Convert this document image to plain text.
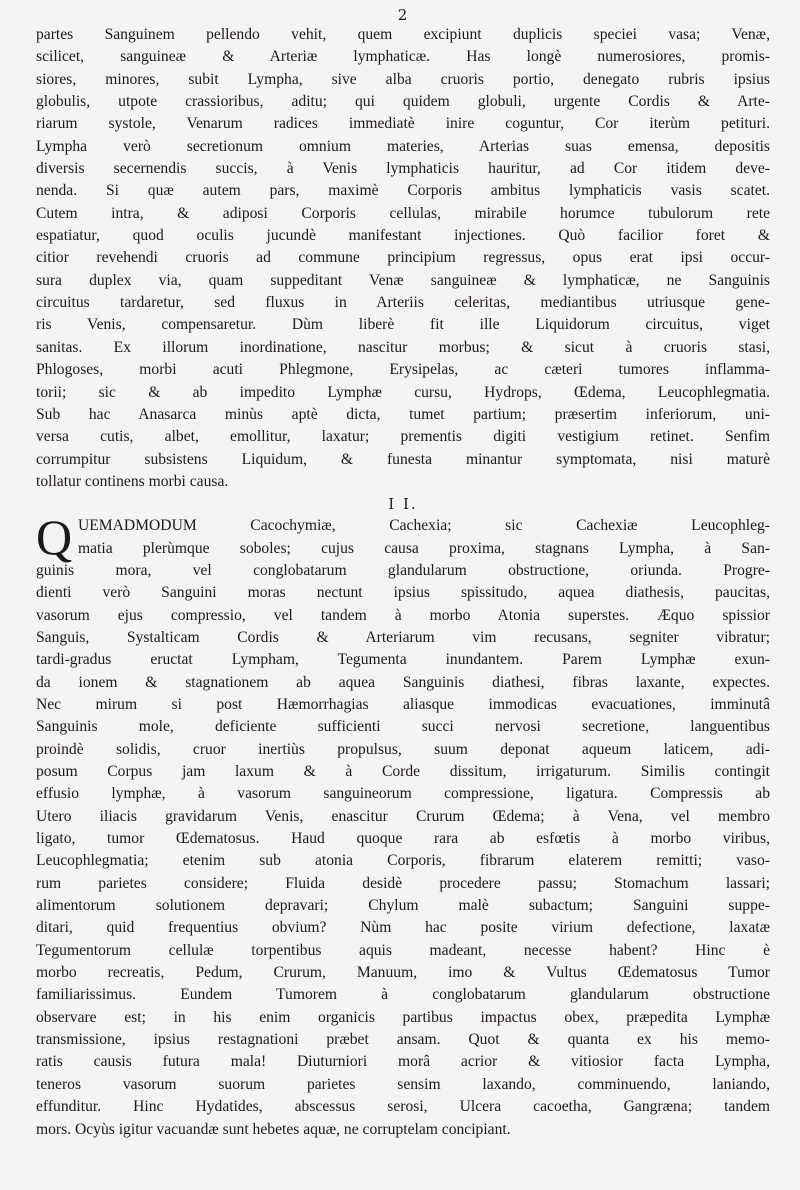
2
partes Sanguinem pellendo vehit, quem excipiunt duplicis speciei vasa; Venæ,
scilicet, sanguineæ & Arteriæ lymphaticæ. Has longè numerosiores, promis-
siores, minores, subit Lympha, sive alba cruoris portio, denegato rubris ipsius
globulis, utpote crassioribus, aditu; qui quidem globuli, urgente Cordis & Arte-
riarum systole, Venarum radices immediatè inire coguntur, Cor iterùm petituri.
Lympha verò secretionum omnium materies, Arterias suas emensa, depositis
diversis secernendis succis, à Venis lymphaticis hauritur, ad Cor itidem deve-
nenda. Si quæ autem pars, maximè Corporis ambitus lymphaticis vasis scatet.
Cutem intra, & adiposi Corporis cellulas, mirabile horumce tubulorum rete
espatiatur, quod oculis jucundè manifestant injectiones. Quò facilior foret &
citior revehendi cruoris ad commune principium regressus, opus erat ipsi occur-
sura duplex via, quam suppeditant Venæ sanguineæ & lymphaticæ, ne Sanguinis
circuitus tardaretur, sed fluxus in Arteriis celeritas, mediantibus utriusque gene-
ris Venis, compensaretur. Dùm liberè fit ille Liquidorum circuitus, viget
sanitas. Ex illorum inordinatione, nascitur morbus; & sicut à cruoris stasi,
Phlogoses, morbi acuti Phlegmone, Erysipelas, ac cæteri tumores inflamma-
torii; sic & ab impedito Lymphæ cursu, Hydrops, Œdema, Leucophlegmatia.
Sub hac Anasarca minùs aptè dicta, tumet partium; præsertim inferiorum, uni-
versa cutis, albet, emollitur, laxatur; prementis digiti vestigium retinet. Senfim
corrumpitur subsistens Liquidum, & funesta minantur symptomata, nisi maturè
tollatur continens morbi causa.
I I.
Q UEMADMODUM Cacochymiæ, Cachexia; sic Cachexiæ Leucophleg-
matia plerùmque soboles; cujus causa proxima, stagnans Lympha, à San-
guinis mora, vel conglobatarum glandularum obstructione, oriunda. Progre-
dienti verò Sanguini moras nectunt ipsius spissitudo, aquea diathesis, paucitas,
vasorum ejus compressio, vel tandem à morbo Atonia superstes. Æquo spissior
Sanguis, Systalticam Cordis & Arteriarum vim recusans, segniter vibratur;
tardi-gradus eructat Lympham, Tegumenta inundantem. Parem Lymphæ exun-
da ionem & stagnationem ab aquea Sanguinis diathesi, fibras laxante, expectes.
Nec mirum si post Hæmorrhagias aliasque immodicas evacuationes, imminutâ
Sanguinis mole, deficiente sufficienti succi nervosi secretione, languentibus
proindè solidis, cruor inertiùs propulsus, suum deponat aqueum laticem, adi-
posum Corpus jam laxum & à Corde dissitum, irrigaturum. Similis contingit
effusio lymphæ, à vasorum sanguineorum compressione, ligatura. Compressis ab
Utero iliacis gravidarum Venis, enascitur Crurum Œdema; à Vena, vel membro
ligato, tumor Œdematosus. Haud quoque rara ab esfœtis à morbo viribus,
Leucophlegmatia; etenim sub atonia Corporis, fibrarum elaterem remitti; vaso-
rum parietes considere; Fluida desidè procedere passu; Stomachum lassari;
alimentorum solutionem depravari; Chylum malè subactum; Sanguini suppe-
ditari, quid frequentius obvium? Nùm hac posite virium defectione, laxatæ
Tegumentorum cellulæ torpentibus aquis madeant, necesse habent? Hinc è
morbo recreatis, Pedum, Crurum, Manuum, imo & Vultus Œdematosus Tumor
familiarissimus. Eundem Tumorem à conglobatarum glandularum obstructione
observare est; in his enim organicis partibus impactus obex, præpedita Lymphæ
transmissione, ipsius restagnationi præbet ansam. Quot & quanta ex his memo-
ratis causis futura mala! Diuturniori morâ acrior & vitiosior facta Lympha,
teneros vasorum suorum parietes sensim laxando, comminuendo, laniando,
effunditur. Hinc Hydatides, abscessus serosi, Ulcera cacoetha, Gangræna; tandem
mors. Ocyùs igitur vacuandæ sunt hebetes aquæ, ne corruptelam concipiant.
